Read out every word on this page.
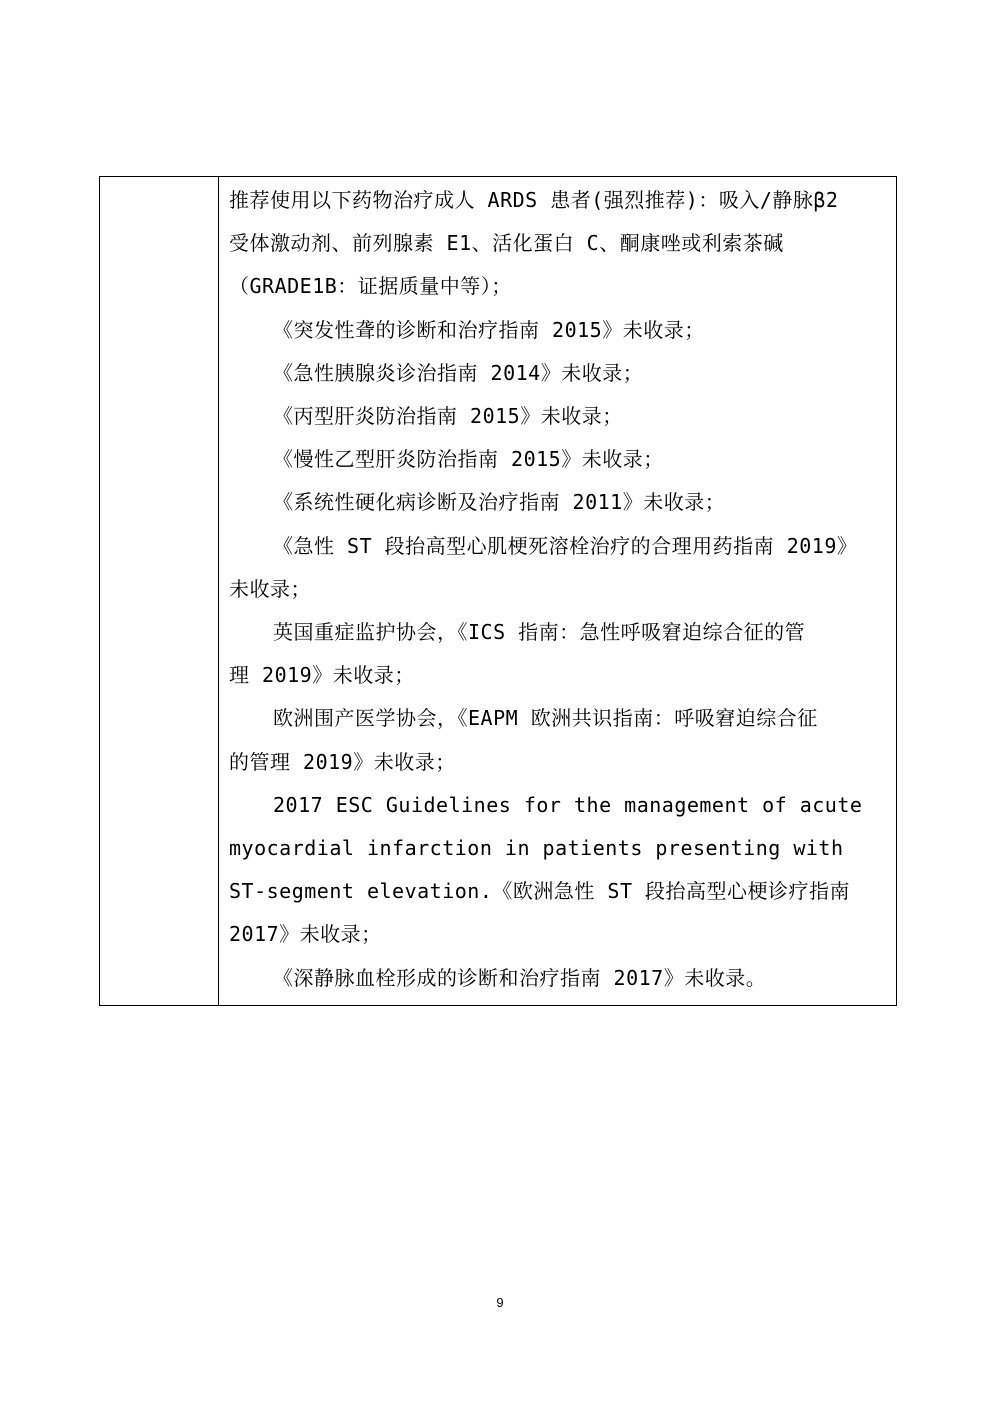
推荐使用以下药物治疗成人 ARDS 患者(强烈推荐)：吸入/静脉β2
受体激动剂、前列腺素 E1、活化蛋白 C、酮康唑或利索茶碱
（GRADE1B：证据质量中等）；
《突发性聋的诊断和治疗指南 2015》未收录；
《急性胰腺炎诊治指南 2014》未收录；
《丙型肝炎防治指南 2015》未收录；
《慢性乙型肝炎防治指南 2015》未收录；
《系统性硬化病诊断及治疗指南 2011》未收录；
《急性 ST 段抬高型心肌梗死溶栓治疗的合理用药指南 2019》
未收录；
英国重症监护协会，《ICS 指南：急性呼吸窘迫综合征的管
理 2019》未收录；
欧洲围产医学协会，《EAPM 欧洲共识指南：呼吸窘迫综合征
的管理 2019》未收录；
2017 ESC Guidelines for the management of acute
myocardial infarction in patients presenting with
ST-segment elevation.《欧洲急性 ST 段抬高型心梗诊疗指南
2017》未收录；
《深静脉血栓形成的诊断和治疗指南 2017》未收录。
9
